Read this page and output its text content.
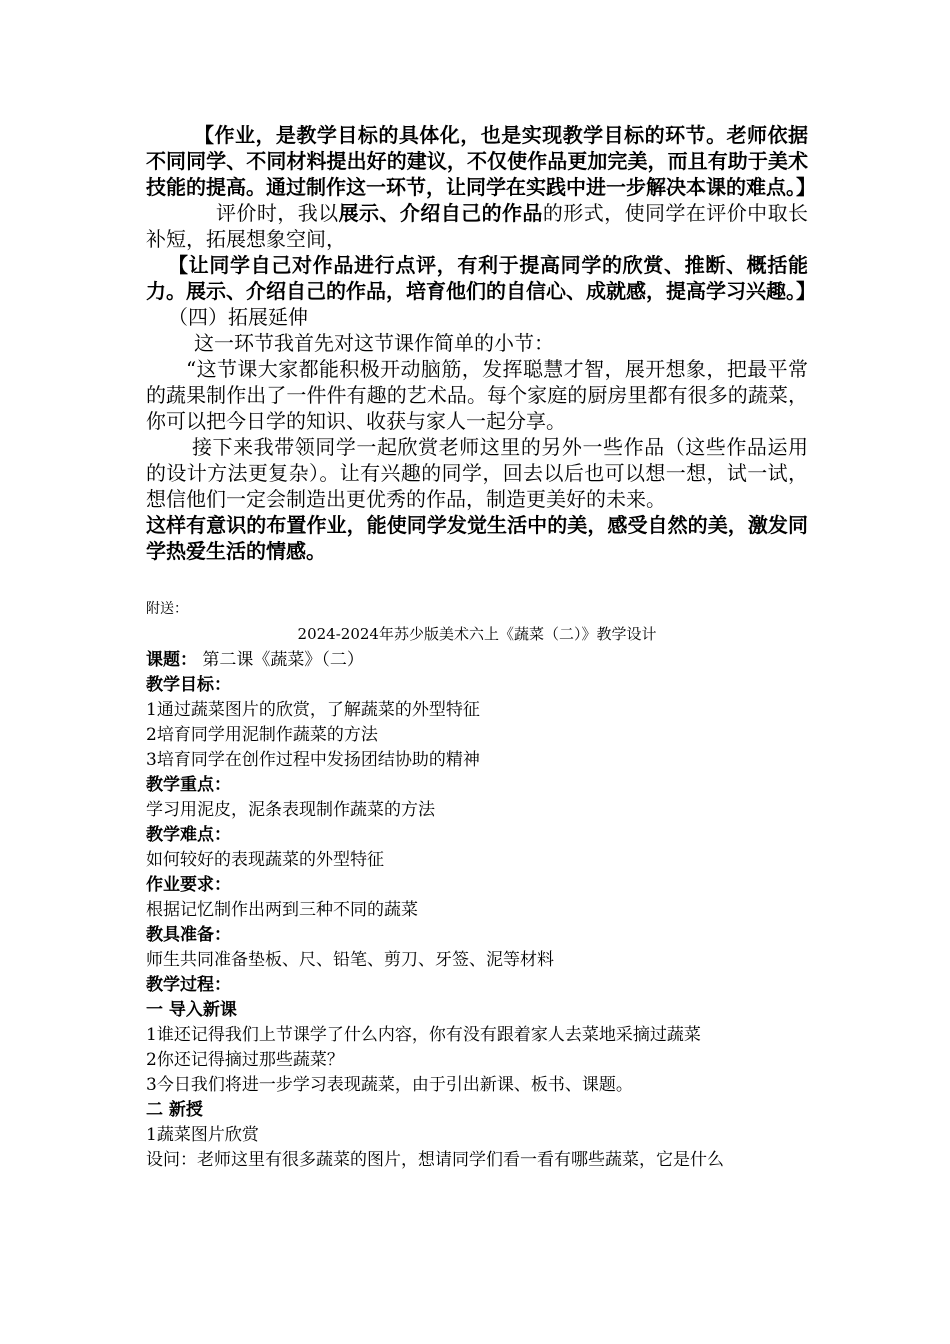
【作业，是教学目标的具体化，也是实现教学目标的环节。老师依据不同同学、不同材料提出好的建议，不仅使作品更加完美，而且有助于美术技能的提高。通过制作这一环节，让同学在实践中进一步解决本课的难点。】

评价时，我以展示、介绍自己的作品的形式，使同学在评价中取长补短，拓展想象空间，

【让同学自己对作品进行点评，有利于提高同学的欣赏、推断、概括能力。展示、介绍自己的作品，培育他们的自信心、成就感，提高学习兴趣。】

（四）拓展延伸

这一环节我首先对这节课作简单的小节：

“这节课大家都能积极开动脑筋，发挥聪慧才智，展开想象，把最平常的蔬果制作出了一件件有趣的艺术品。每个家庭的厨房里都有很多的蔬菜，你可以把今日学的知识、收获与家人一起分享。

接下来我带领同学一起欣赏老师这里的另外一些作品（这些作品运用的设计方法更复杂）。让有兴趣的同学，回去以后也可以想一想，试一试，想信他们一定会制造出更优秀的作品，制造更美好的未来。

这样有意识的布置作业，能使同学发觉生活中的美，感受自然的美，激发同学热爱生活的情感。

附送：

2024-2024年苏少版美术六上《蔬菜（二）》教学设计

课题： 第二课《蔬菜》（二）

教学目标：

1通过蔬菜图片的欣赏，了解蔬菜的外型特征

2培育同学用泥制作蔬菜的方法

3培育同学在创作过程中发扬团结协助的精神

教学重点：

学习用泥皮，泥条表现制作蔬菜的方法

教学难点：

如何较好的表现蔬菜的外型特征

作业要求：

根据记忆制作出两到三种不同的蔬菜

教具准备：

师生共同准备垫板、尺、铅笔、剪刀、牙签、泥等材料

教学过程：

一 导入新课

1谁还记得我们上节课学了什么内容，你有没有跟着家人去菜地采摘过蔬菜

2你还记得摘过那些蔬菜？

3今日我们将进一步学习表现蔬菜，由于引出新课、板书、课题。

二 新授

1蔬菜图片欣赏

设问：老师这里有很多蔬菜的图片，想请同学们看一看有哪些蔬菜，它是什么
